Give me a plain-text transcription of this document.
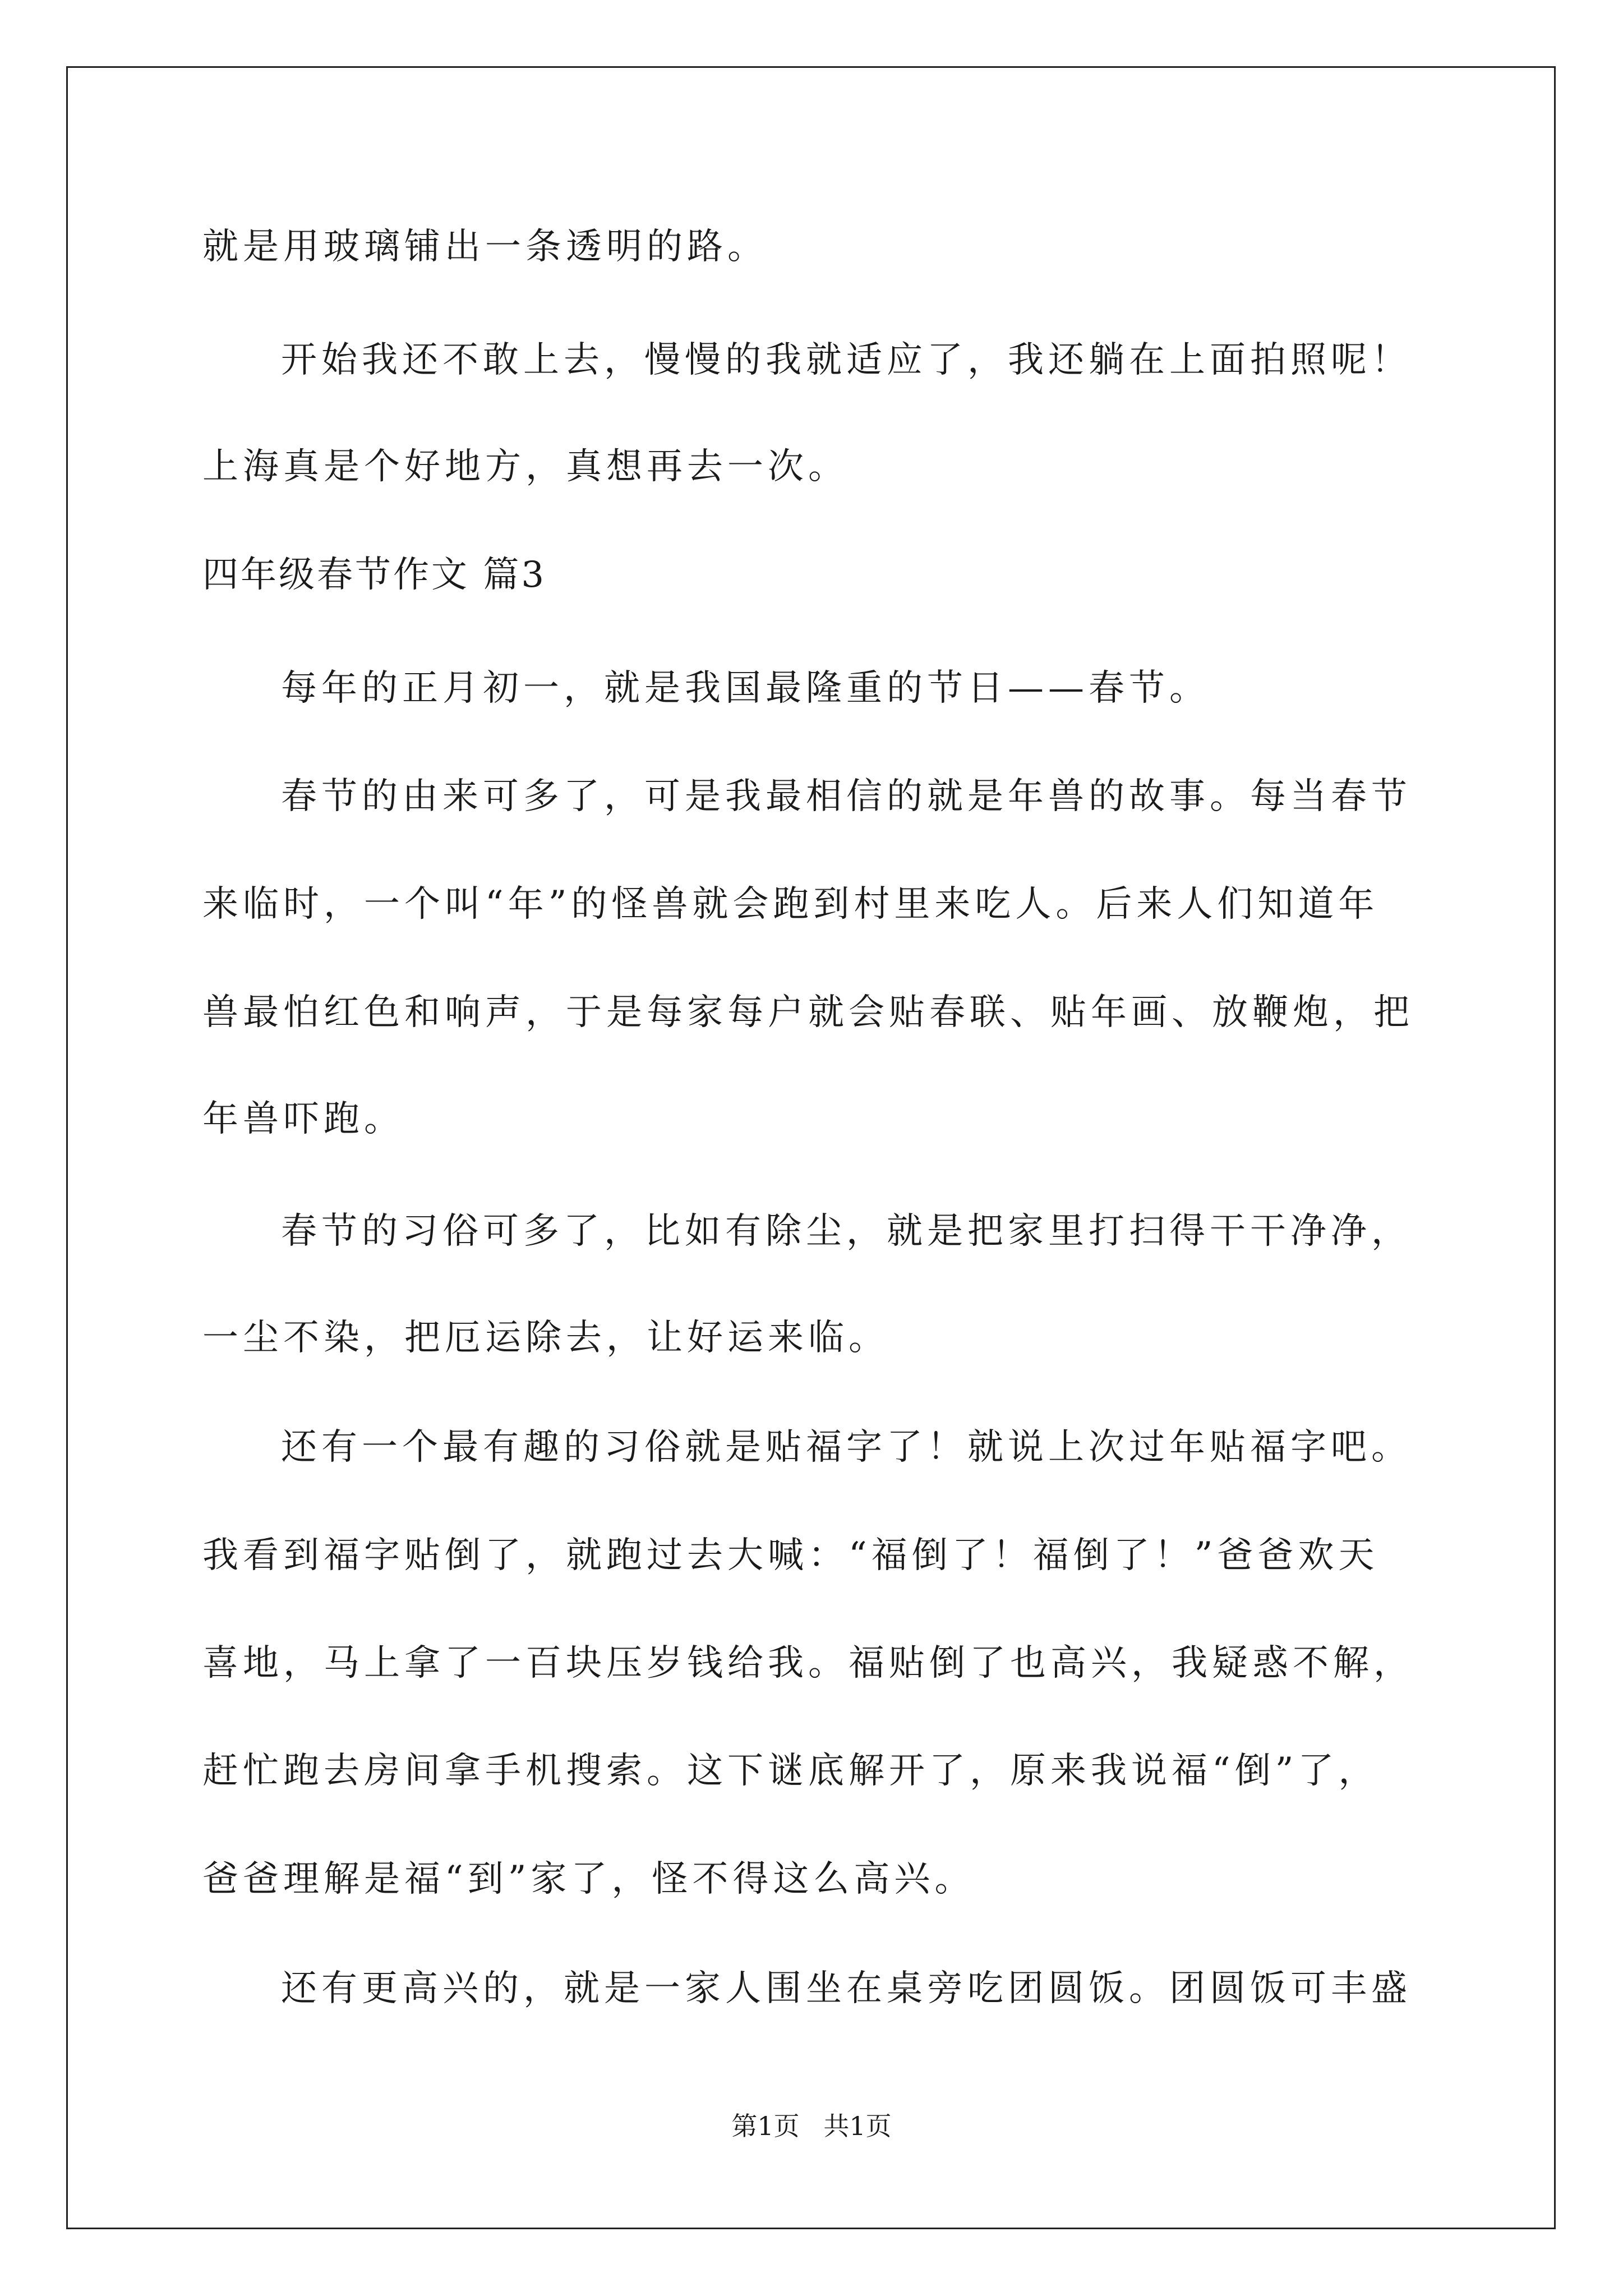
就是用玻璃铺出一条透明的路。
开始我还不敢上去，慢慢的我就适应了，我还躺在上面拍照呢！
上海真是个好地方，真想再去一次。
四年级春节作文 篇3
每年的正月初一，就是我国最隆重的节日——春节。
春节的由来可多了，可是我最相信的就是年兽的故事。每当春节
来临时，一个叫“年”的怪兽就会跑到村里来吃人。后来人们知道年
兽最怕红色和响声，于是每家每户就会贴春联、贴年画、放鞭炮，把
年兽吓跑。
春节的习俗可多了，比如有除尘，就是把家里打扫得干干净净，
一尘不染，把厄运除去，让好运来临。
还有一个最有趣的习俗就是贴福字了！就说上次过年贴福字吧。
我看到福字贴倒了，就跑过去大喊：“福倒了！福倒了！”爸爸欢天
喜地，马上拿了一百块压岁钱给我。福贴倒了也高兴，我疑惑不解，
赶忙跑去房间拿手机搜索。这下谜底解开了，原来我说福“倒”了，
爸爸理解是福“到”家了，怪不得这么高兴。
还有更高兴的，就是一家人围坐在桌旁吃团圆饭。团圆饭可丰盛
第1页 共1页
